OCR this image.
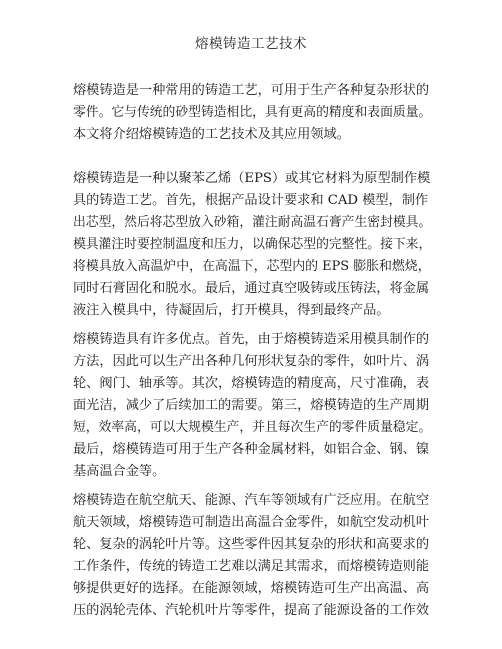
熔模铸造工艺技术
熔模铸造是一种常用的铸造工艺，可用于生产各种复杂形状的
零件。它与传统的砂型铸造相比，具有更高的精度和表面质量。
本文将介绍熔模铸造的工艺技术及其应用领域。
熔模铸造是一种以聚苯乙烯（EPS）或其它材料为原型制作模
具的铸造工艺。首先，根据产品设计要求和 CAD 模型，制作
出芯型，然后将芯型放入砂箱，灌注耐高温石膏产生密封模具。
模具灌注时要控制温度和压力，以确保芯型的完整性。接下来，
将模具放入高温炉中，在高温下，芯型内的 EPS 膨胀和燃烧，
同时石膏固化和脱水。最后，通过真空吸铸或压铸法，将金属
液注入模具中，待凝固后，打开模具，得到最终产品。
熔模铸造具有许多优点。首先，由于熔模铸造采用模具制作的
方法，因此可以生产出各种几何形状复杂的零件，如叶片、涡
轮、阀门、轴承等。其次，熔模铸造的精度高，尺寸准确，表
面光洁，减少了后续加工的需要。第三，熔模铸造的生产周期
短，效率高，可以大规模生产，并且每次生产的零件质量稳定。
最后，熔模铸造可用于生产各种金属材料，如铝合金、钢、镍
基高温合金等。
熔模铸造在航空航天、能源、汽车等领域有广泛应用。在航空
航天领域，熔模铸造可制造出高温合金零件，如航空发动机叶
轮、复杂的涡轮叶片等。这些零件因其复杂的形状和高要求的
工作条件，传统的铸造工艺难以满足其需求，而熔模铸造则能
够提供更好的选择。在能源领域，熔模铸造可生产出高温、高
压的涡轮壳体、汽轮机叶片等零件，提高了能源设备的工作效
